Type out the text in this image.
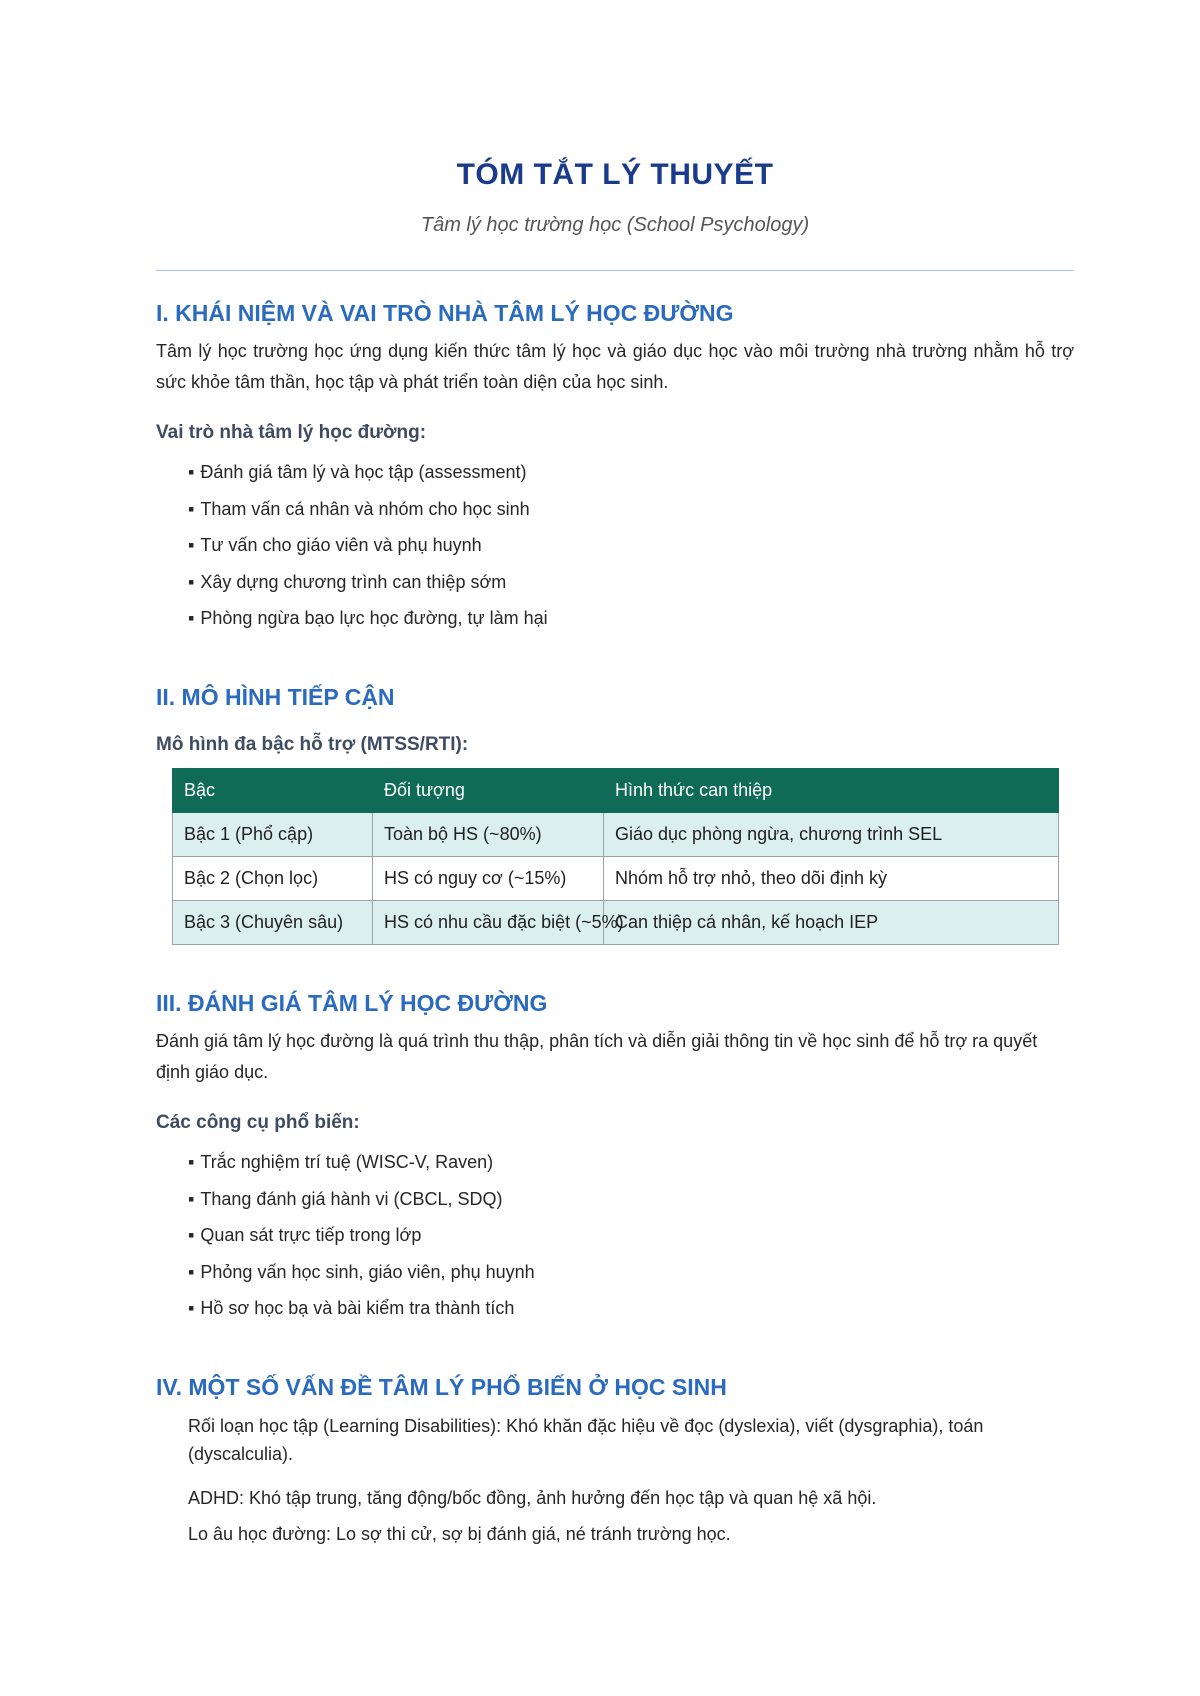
TÓM TẮT LÝ THUYẾT

Tâm lý học trường học (School Psychology)

I. KHÁI NIỆM VÀ VAI TRÒ NHÀ TÂM LÝ HỌC ĐƯỜNG

Tâm lý học trường học ứng dụng kiến thức tâm lý học và giáo dục học vào môi trường nhà trường nhằm hỗ trợ sức khỏe tâm thần, học tập và phát triển toàn diện của học sinh.

Vai trò nhà tâm lý học đường:
▪ Đánh giá tâm lý và học tập (assessment)
▪ Tham vấn cá nhân và nhóm cho học sinh
▪ Tư vấn cho giáo viên và phụ huynh
▪ Xây dựng chương trình can thiệp sớm
▪ Phòng ngừa bạo lực học đường, tự làm hại
II. MÔ HÌNH TIẾP CẬN
Mô hình đa bậc hỗ trợ (MTSS/RTI):
Bậc	Đối tượng	Hình thức can thiệp
Bậc 1 (Phổ cập)	Toàn bộ HS (~80%)	Giáo dục phòng ngừa, chương trình SEL
Bậc 2 (Chọn lọc)	HS có nguy cơ (~15%)	Nhóm hỗ trợ nhỏ, theo dõi định kỳ
Bậc 3 (Chuyên sâu)	HS có nhu cầu đặc biệt (~5%)	Can thiệp cá nhân, kế hoạch IEP
III. ĐÁNH GIÁ TÂM LÝ HỌC ĐƯỜNG

Đánh giá tâm lý học đường là quá trình thu thập, phân tích và diễn giải thông tin về học sinh để hỗ trợ ra quyết định giáo dục.

Các công cụ phổ biến:
▪ Trắc nghiệm trí tuệ (WISC-V, Raven)
▪ Thang đánh giá hành vi (CBCL, SDQ)
▪ Quan sát trực tiếp trong lớp
▪ Phỏng vấn học sinh, giáo viên, phụ huynh
▪ Hồ sơ học bạ và bài kiểm tra thành tích
IV. MỘT SỐ VẤN ĐỀ TÂM LÝ PHỔ BIẾN Ở HỌC SINH

Rối loạn học tập (Learning Disabilities): Khó khăn đặc hiệu về đọc (dyslexia), viết (dysgraphia), toán (dyscalculia).

ADHD: Khó tập trung, tăng động/bốc đồng, ảnh hưởng đến học tập và quan hệ xã hội.

Lo âu học đường: Lo sợ thi cử, sợ bị đánh giá, né tránh trường học.
